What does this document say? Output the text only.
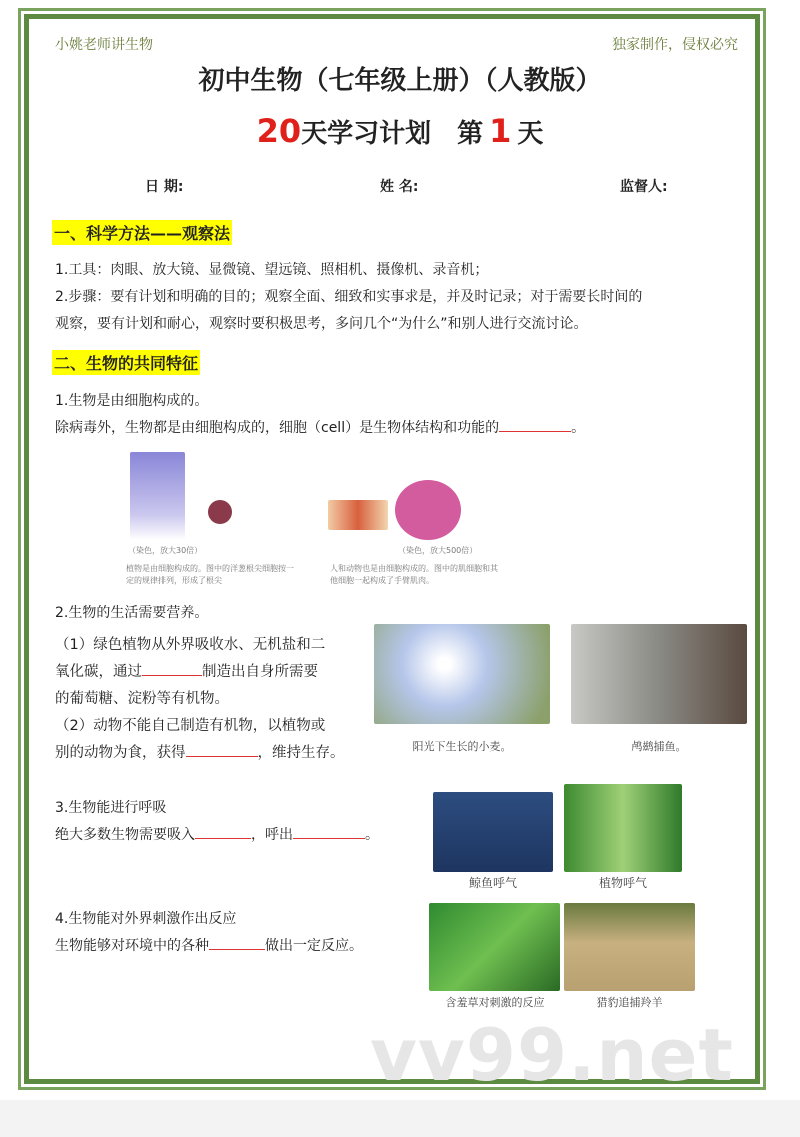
小姚老师讲生物	独家制作，侵权必究
初中生物（七年级上册）（人教版）
20天学习计划　第 1 天
日 期:	姓 名:	监督人:
一、科学方法——观察法
1.工具：肉眼、放大镜、显微镜、望远镜、照相机、摄像机、录音机；
2.步骤：要有计划和明确的目的；观察全面、细致和实事求是，并及时记录；对于需要长时间的
观察，要有计划和耐心，观察时要积极思考，多问几个“为什么”和别人进行交流讨论。
二、生物的共同特征
1.生物是由细胞构成的。
除病毒外，生物都是由细胞构成的，细胞（cell）是生物体结构和功能的	。
（染色，放大30倍）
植物是由细胞构成的。图中的洋葱根尖细胞按一定的规律排列，形成了根尖
（染色，放大500倍）
人和动物也是由细胞构成的。图中的肌细胞和其他细胞一起构成了手臂肌肉。
2.生物的生活需要营养。
（1）绿色植物从外界吸收水、无机盐和二
氧化碳，通过	制造出自身所需要
的葡萄糖、淀粉等有机物。
（2）动物不能自己制造有机物，以植物或
别的动物为食，获得	，维持生存。	阳光下生长的小麦。	鸬鹚捕鱼。
3.生物能进行呼吸
绝大多数生物需要吸入	，呼出	。
鲸鱼呼气	植物呼气
4.生物能对外界刺激作出反应
生物能够对环境中的各种	做出一定反应。
含羞草对刺激的反应	猎豹追捕羚羊
vv99.net
